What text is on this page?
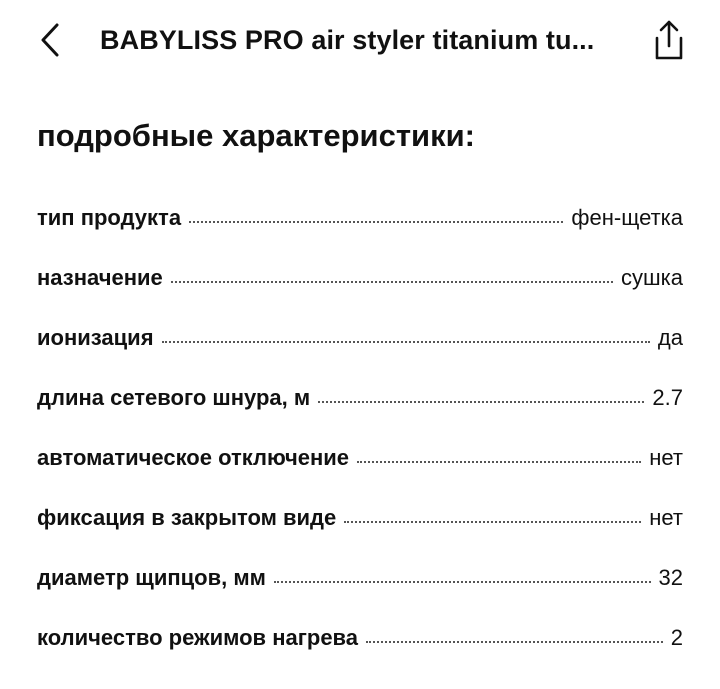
BABYLISS PRO air styler titanium tu...
подробные характеристики:
тип продукта	фен-щетка
назначение	сушка
ионизация	да
длина сетевого шнура, м	2.7
автоматическое отключение	нет
фиксация в закрытом виде	нет
диаметр щипцов, мм	32
количество режимов нагрева	2
